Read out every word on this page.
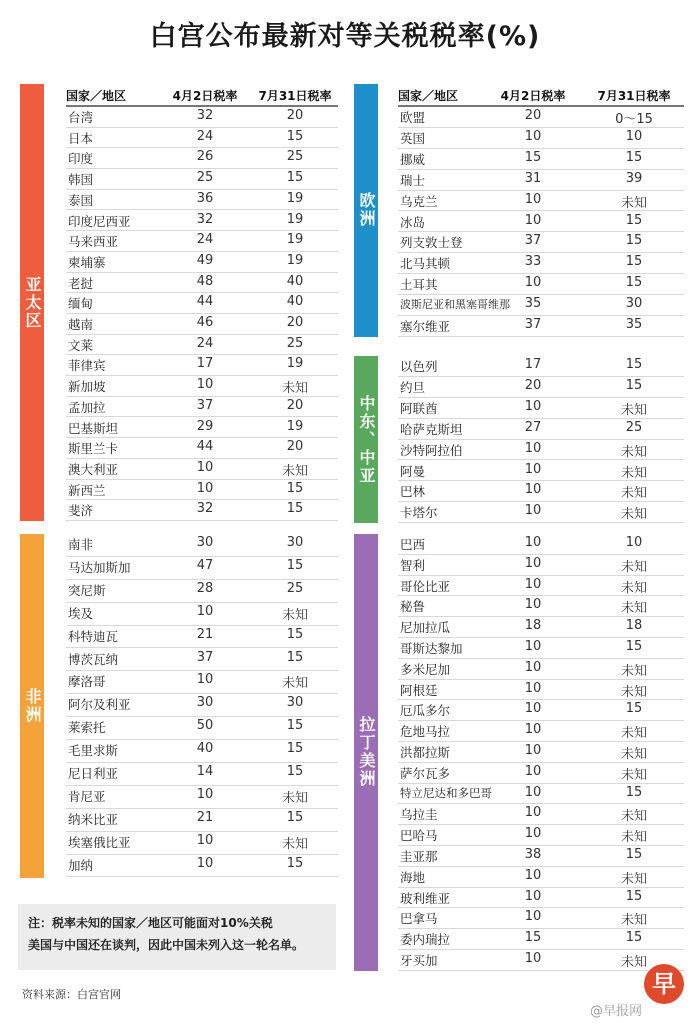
白宫公布最新对等关税税率(%)
国家／地区	4月2日税率	7月31日税率	国家／地区	4月2日税率	7月31日税率
亚太区
台湾	32	20
日本	24	15
印度	26	25
韩国	25	15
泰国	36	19
印度尼西亚	32	19
马来西亚	24	19
柬埔寨	49	19
老挝	48	40
缅甸	44	40
越南	46	20
文莱	24	25
菲律宾	17	19
新加坡	10	未知
孟加拉	37	20
巴基斯坦	29	19
斯里兰卡	44	20
澳大利亚	10	未知
新西兰	10	15
斐济	32	15
非洲
南非	30	30
马达加斯加	47	15
突尼斯	28	25
埃及	10	未知
科特迪瓦	21	15
博茨瓦纳	37	15
摩洛哥	10	未知
阿尔及利亚	30	30
莱索托	50	15
毛里求斯	40	15
尼日利亚	14	15
肯尼亚	10	未知
纳米比亚	21	15
埃塞俄比亚	10	未知
加纳	10	15
欧洲
欧盟	20	0～15
英国	10	10
挪威	15	15
瑞士	31	39
乌克兰	10	未知
冰岛	10	15
列支敦士登	37	15
北马其顿	33	15
土耳其	10	15
波斯尼亚和黑塞哥维那	35	30
塞尔维亚	37	35
中东、中亚
以色列	17	15
约旦	20	15
阿联酋	10	未知
哈萨克斯坦	27	25
沙特阿拉伯	10	未知
阿曼	10	未知
巴林	10	未知
卡塔尔	10	未知
拉丁美洲
巴西	10	10
智利	10	未知
哥伦比亚	10	未知
秘鲁	10	未知
尼加拉瓜	18	18
哥斯达黎加	10	15
多米尼加	10	未知
阿根廷	10	未知
厄瓜多尔	10	15
危地马拉	10	未知
洪都拉斯	10	未知
萨尔瓦多	10	未知
特立尼达和多巴哥	10	15
乌拉圭	10	未知
巴哈马	10	未知
圭亚那	38	15
海地	10	未知
玻利维亚	10	15
巴拿马	10	未知
委内瑞拉	15	15
牙买加	10	未知
注：税率未知的国家／地区可能面对10%关税
美国与中国还在谈判，因此中国未列入这一轮名单。
资料来源：白宫官网	早
@早报网
